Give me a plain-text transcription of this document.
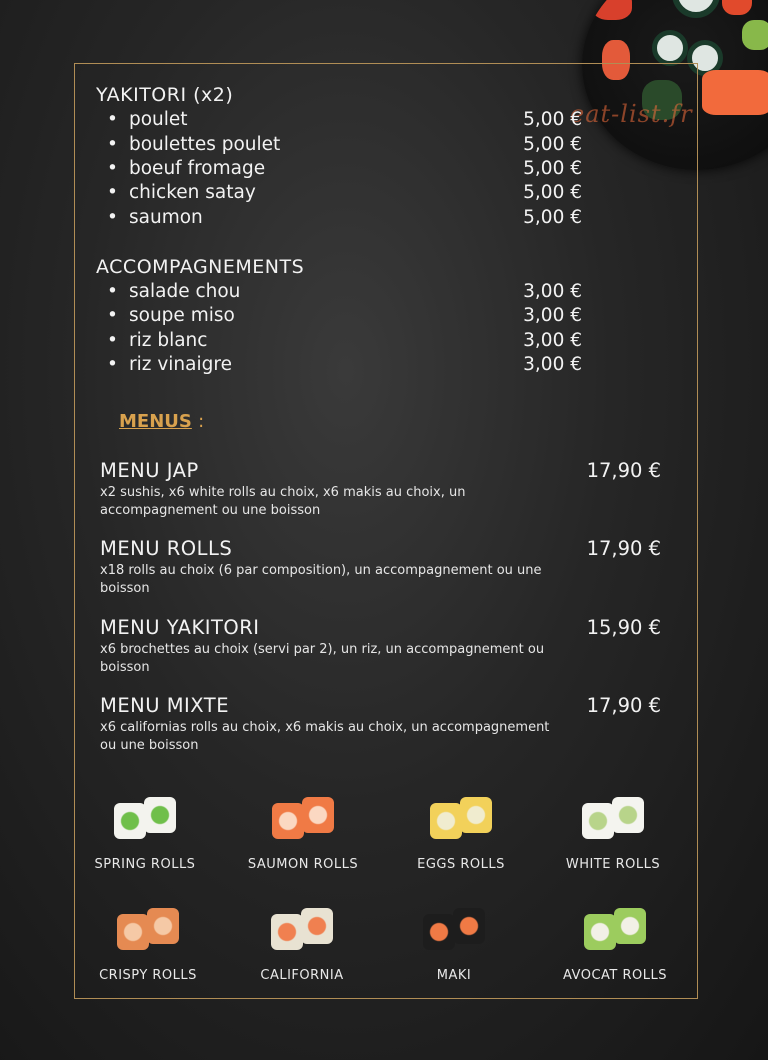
eat-list.fr
YAKITORI (x2)
• poulet	5,00 €
• boulettes poulet	5,00 €
• boeuf fromage	5,00 €
• chicken satay	5,00 €
• saumon	5,00 €
ACCOMPAGNEMENTS
• salade chou	3,00 €
• soupe miso	3,00 €
• riz blanc	3,00 €
• riz vinaigre	3,00 €
MENUS :
MENU JAP	17,90 €
x2 sushis, x6 white rolls au choix, x6 makis au choix, un accompagnement ou une boisson
MENU ROLLS	17,90 €
x18 rolls au choix (6 par composition), un accompagnement ou une boisson
MENU YAKITORI	15,90 €
x6 brochettes au choix (servi par 2), un riz, un accompagnement ou boisson
MENU MIXTE	17,90 €
x6 californias rolls au choix, x6 makis au choix, un accompagnement ou une boisson
SPRING ROLLS	SAUMON ROLLS	EGGS ROLLS	WHITE ROLLS
CRISPY ROLLS	CALIFORNIA	MAKI	AVOCAT ROLLS
